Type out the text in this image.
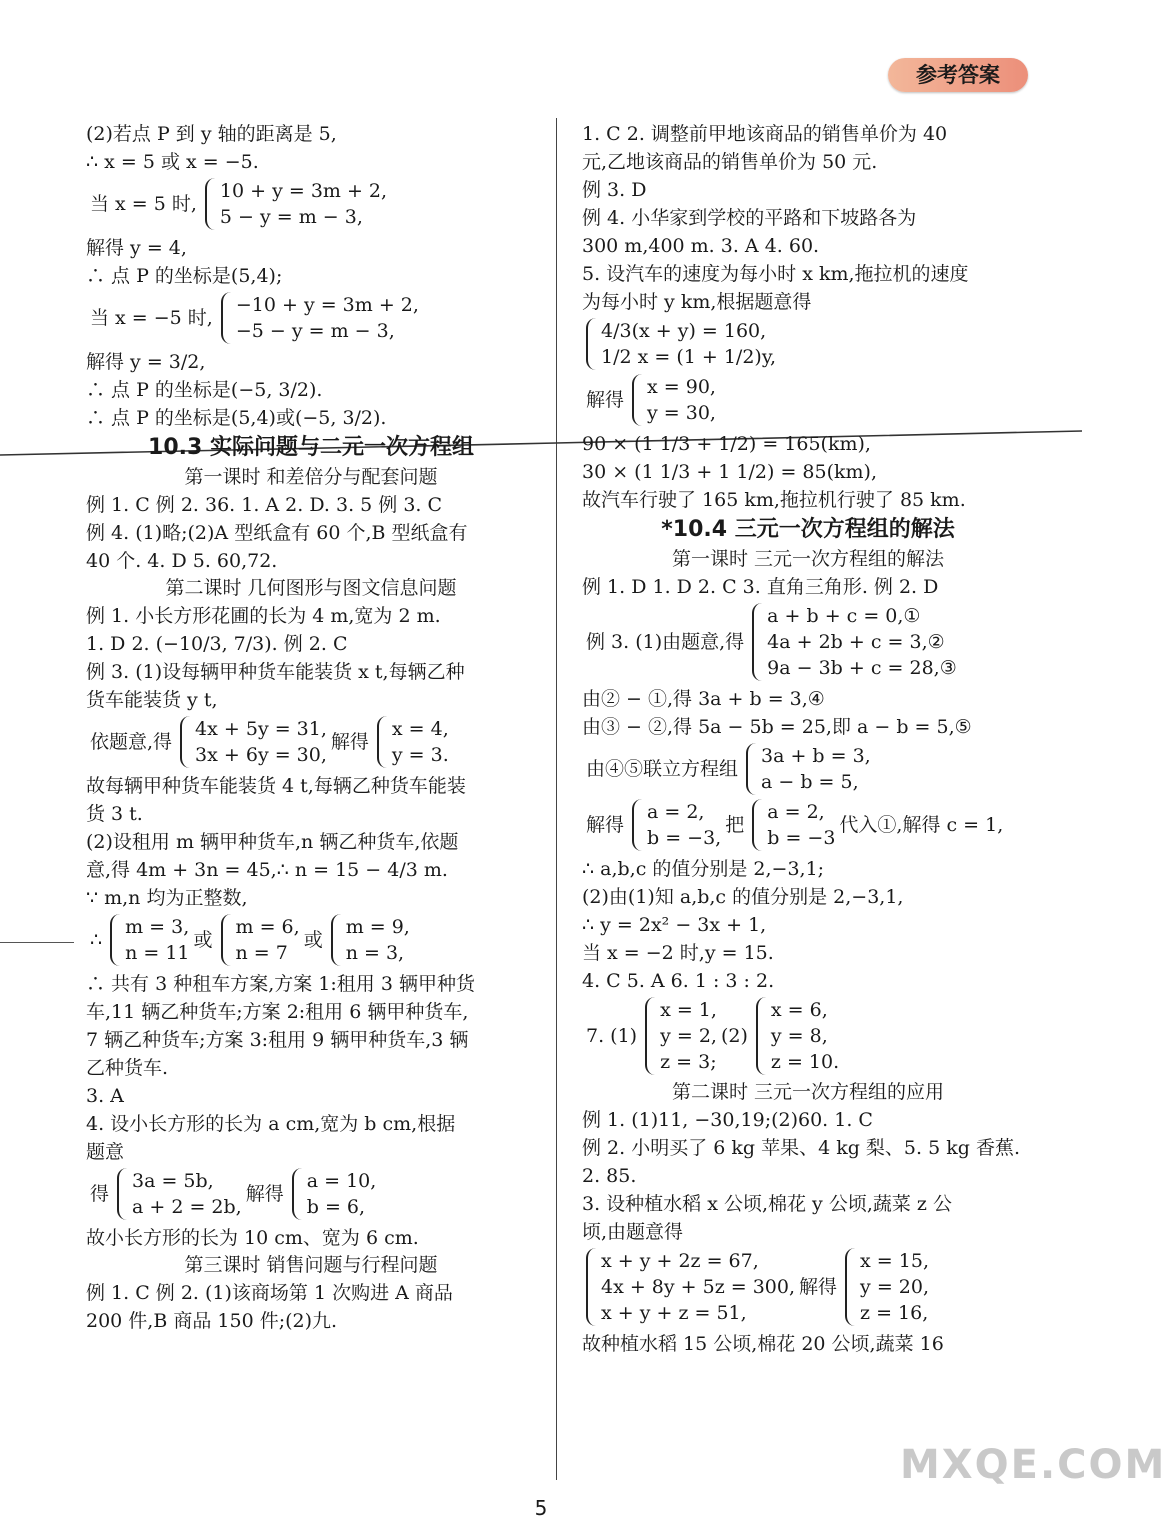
参考答案
(2)若点 P 到 y 轴的距离是 5,
∴ x = 5 或 x = −5.
当 x = 5 时,
10 + y = 3m + 2,
5 − y = m − 3,
解得 y = 4,
∴ 点 P 的坐标是(5,4);
当 x = −5 时,
−10 + y = 3m + 2,
−5 − y = m − 3,
解得 y = 3/2,
∴ 点 P 的坐标是(−5, 3/2).
∴ 点 P 的坐标是(5,4)或(−5, 3/2).
10.3 实际问题与二元一次方程组
第一课时 和差倍分与配套问题
例 1. C 例 2. 36. 1. A 2. D. 3. 5 例 3. C
例 4. (1)略;(2)A 型纸盒有 60 个,B 型纸盒有
40 个. 4. D 5. 60,72.
第二课时 几何图形与图文信息问题
例 1. 小长方形花圃的长为 4 m,宽为 2 m.
1. D 2. (−10/3, 7/3). 例 2. C
例 3. (1)设每辆甲种货车能装货 x t,每辆乙种
货车能装货 y t,
依题意,得
4x + 5y = 31,
3x + 6y = 30,
解得
x = 4,
y = 3.
故每辆甲种货车能装货 4 t,每辆乙种货车能装
货 3 t.
(2)设租用 m 辆甲种货车,n 辆乙种货车,依题
意,得 4m + 3n = 45,∴ n = 15 − 4/3 m.
∵ m,n 均为正整数,
∴
m = 3,
n = 11
或
m = 6,
n = 7
或
m = 9,
n = 3,
∴ 共有 3 种租车方案,方案 1:租用 3 辆甲种货
车,11 辆乙种货车;方案 2:租用 6 辆甲种货车,
7 辆乙种货车;方案 3:租用 9 辆甲种货车,3 辆
乙种货车.
3. A
4. 设小长方形的长为 a cm,宽为 b cm,根据
题意
得
3a = 5b,
a + 2 = 2b,
解得
a = 10,
b = 6,
故小长方形的长为 10 cm、宽为 6 cm.
第三课时 销售问题与行程问题
例 1. C 例 2. (1)该商场第 1 次购进 A 商品
200 件,B 商品 150 件;(2)九.
1. C 2. 调整前甲地该商品的销售单价为 40
元,乙地该商品的销售单价为 50 元.
例 3. D
例 4. 小华家到学校的平路和下坡路各为
300 m,400 m. 3. A 4. 60.
5. 设汽车的速度为每小时 x km,拖拉机的速度
为每小时 y km,根据题意得
4/3(x + y) = 160,
1/2 x = (1 + 1/2)y,
解得
x = 90,
y = 30,
90 × (1 1/3 + 1/2) = 165(km),
30 × (1 1/3 + 1 1/2) = 85(km),
故汽车行驶了 165 km,拖拉机行驶了 85 km.
*10.4 三元一次方程组的解法
第一课时 三元一次方程组的解法
例 1. D 1. D 2. C 3. 直角三角形. 例 2. D
例 3. (1)由题意,得
a + b + c = 0,①
4a + 2b + c = 3,②
9a − 3b + c = 28,③
由② − ①,得 3a + b = 3,④
由③ − ②,得 5a − 5b = 25,即 a − b = 5,⑤
由④⑤联立方程组
3a + b = 3,
a − b = 5,
解得
a = 2,
b = −3,
把
a = 2,
b = −3
代入①,解得 c = 1,
∴ a,b,c 的值分别是 2,−3,1;
(2)由(1)知 a,b,c 的值分别是 2,−3,1,
∴ y = 2x² − 3x + 1,
当 x = −2 时,y = 15.
4. C 5. A 6. 1 : 3 : 2.
7. (1)
x = 1,
y = 2,
z = 3;
(2)
x = 6,
y = 8,
z = 10.
第二课时 三元一次方程组的应用
例 1. (1)11, −30,19;(2)60. 1. C
例 2. 小明买了 6 kg 苹果、4 kg 梨、5. 5 kg 香蕉.
2. 85.
3. 设种植水稻 x 公顷,棉花 y 公顷,蔬菜 z 公
顷,由题意得
x + y + 2z = 67,
4x + 8y + 5z = 300,
x + y + z = 51,
解得
x = 15,
y = 20,
z = 16,
故种植水稻 15 公顷,棉花 20 公顷,蔬菜 16
5
MXQE.COM
